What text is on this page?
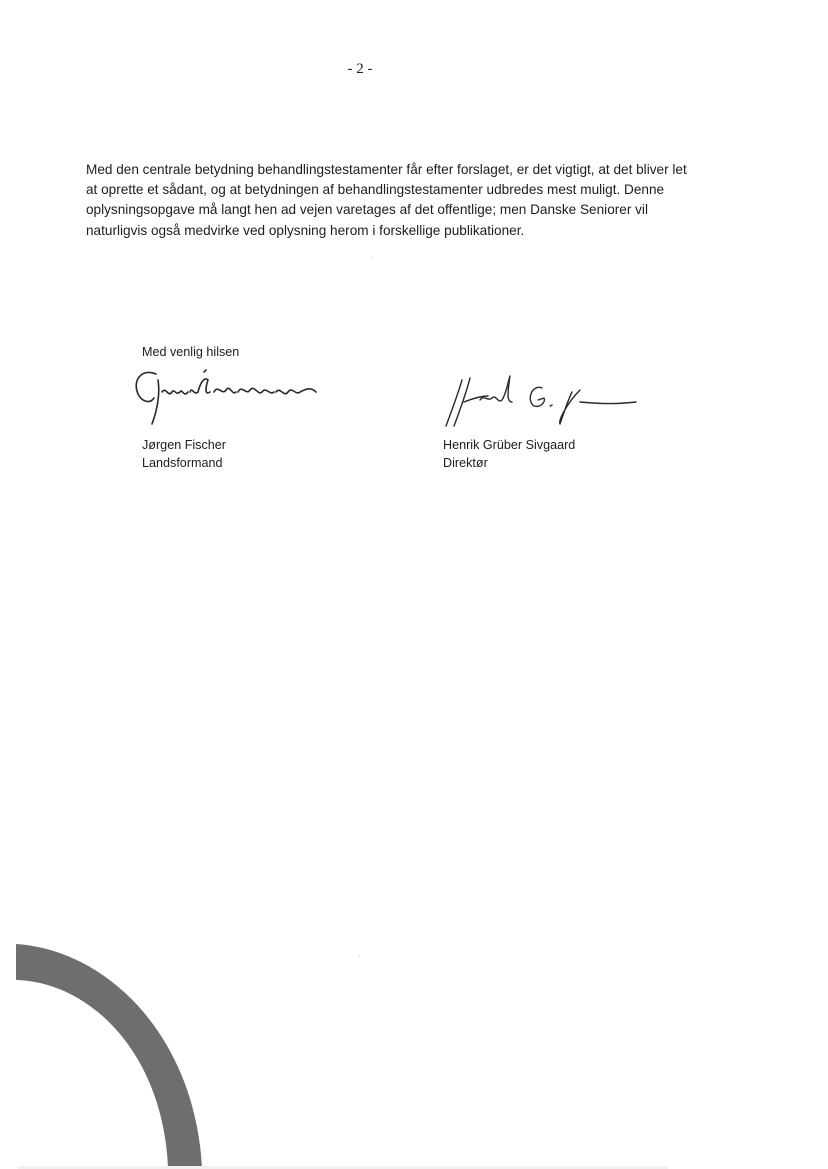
- 2 -

Med den centrale betydning behandlingstestamenter får efter forslaget, er det vigtigt, at det bliver let
at oprette et sådant, og at betydningen af behandlingstestamenter udbredes mest muligt. Denne
oplysningsopgave må langt hen ad vejen varetages af det offentlige; men Danske Seniorer vil
naturligvis også medvirke ved oplysning herom i forskellige publikationer.

Med venlig hilsen
Jørgen Fischer
Landsformand
Henrik Grüber Sivgaard
Direktør
